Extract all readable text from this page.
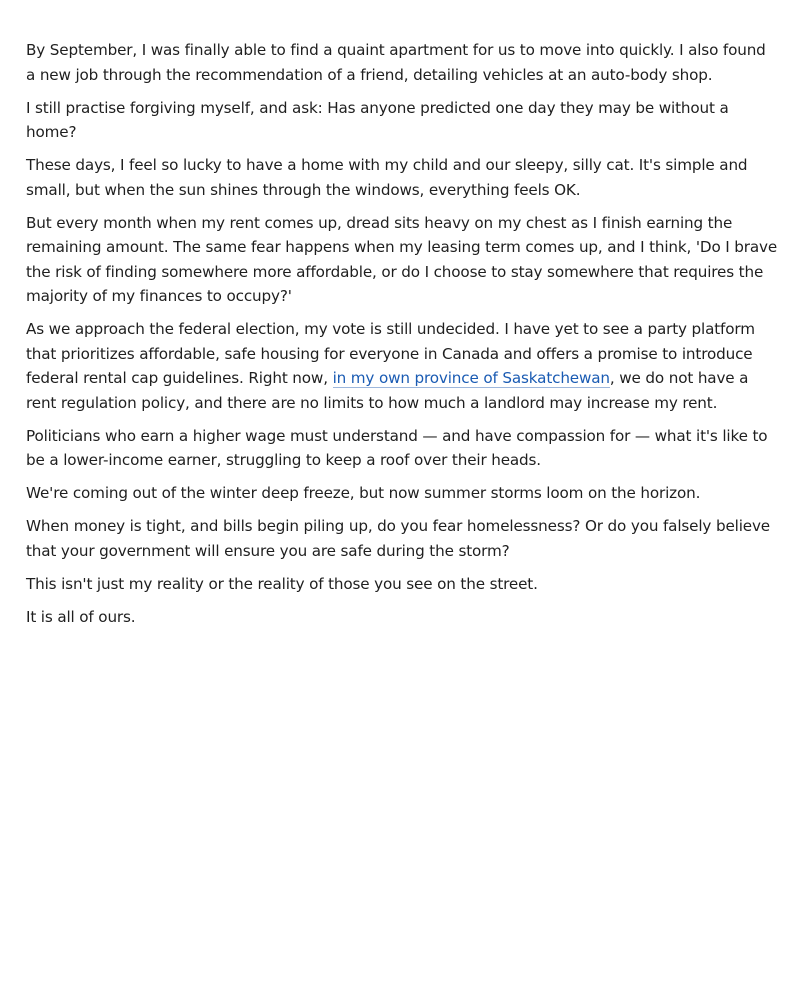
By September, I was finally able to find a quaint apartment for us to move into quickly. I also found a new job through the recommendation of a friend, detailing vehicles at an auto-body shop.

I still practise forgiving myself, and ask: Has anyone predicted one day they may be without a home?

These days, I feel so lucky to have a home with my child and our sleepy, silly cat. It's simple and small, but when the sun shines through the windows, everything feels OK.

But every month when my rent comes up, dread sits heavy on my chest as I finish earning the remaining amount. The same fear happens when my leasing term comes up, and I think, 'Do I brave the risk of finding somewhere more affordable, or do I choose to stay somewhere that requires the majority of my finances to occupy?'

As we approach the federal election, my vote is still undecided. I have yet to see a party platform that prioritizes affordable, safe housing for everyone in Canada and offers a promise to introduce federal rental cap guidelines. Right now, in my own province of Saskatchewan, we do not have a rent regulation policy, and there are no limits to how much a landlord may increase my rent.

Politicians who earn a higher wage must understand — and have compassion for — what it's like to be a lower-income earner, struggling to keep a roof over their heads.

We're coming out of the winter deep freeze, but now summer storms loom on the horizon.

When money is tight, and bills begin piling up, do you fear homelessness? Or do you falsely believe that your government will ensure you are safe during the storm?

This isn't just my reality or the reality of those you see on the street.

It is all of ours.
